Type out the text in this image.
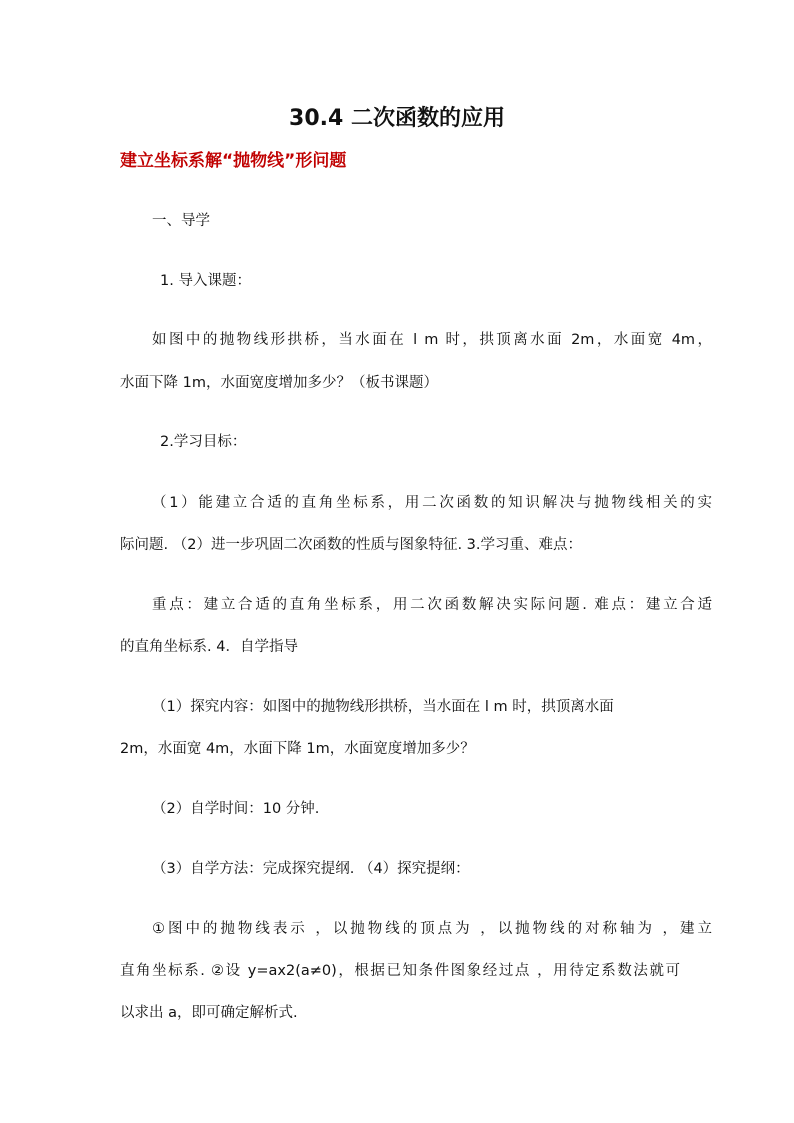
30.4 二次函数的应用
建立坐标系解“抛物线”形问题
一、导学
1. 导入课题：
如图中的抛物线形拱桥，当水面在 l m 时，拱顶离水面 2m，水面宽 4m，
水面下降 1m，水面宽度增加多少？（板书课题）
2.学习目标：
（1）能建立合适的直角坐标系，用二次函数的知识解决与抛物线相关的实
际问题. （2）进一步巩固二次函数的性质与图象特征. 3.学习重、难点：
重点：建立合适的直角坐标系，用二次函数解决实际问题. 难点：建立合适
的直角坐标系. 4．自学指导
（1）探究内容：如图中的抛物线形拱桥，当水面在 l m 时，拱顶离水面
2m，水面宽 4m，水面下降 1m，水面宽度增加多少？
（2）自学时间：10 分钟.
（3）自学方法：完成探究提纲. （4）探究提纲：
①图中的抛物线表示 ，以抛物线的顶点为 ，以抛物线的对称轴为 ，建立
直角坐标系. ②设 y=ax2(a≠0)，根据已知条件图象经过点 ，用待定系数法就可
以求出 a，即可确定解析式.
